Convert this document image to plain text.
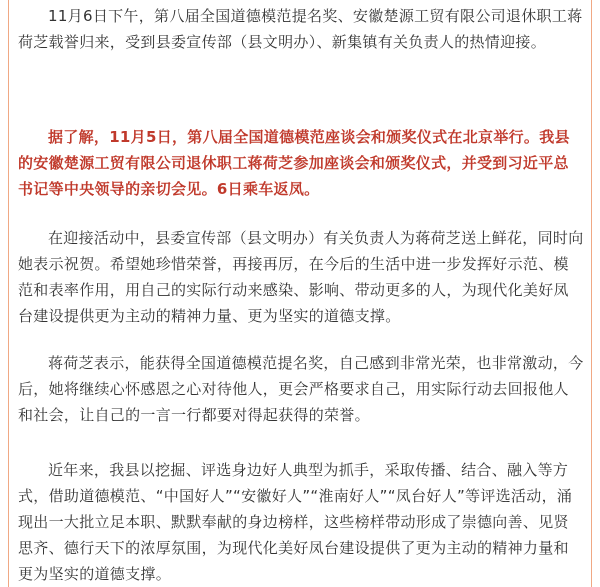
11月6日下午，第八届全国道德模范提名奖、安徽楚源工贸有限公司退休职工蒋荷芝载誉归来，受到县委宣传部（县文明办）、新集镇有关负责人的热情迎接。

据了解，11月5日，第八届全国道德模范座谈会和颁奖仪式在北京举行。我县的安徽楚源工贸有限公司退休职工蒋荷芝参加座谈会和颁奖仪式，并受到习近平总书记等中央领导的亲切会见。6日乘车返凤。

在迎接活动中，县委宣传部（县文明办）有关负责人为蒋荷芝送上鲜花，同时向她表示祝贺。希望她珍惜荣誉，再接再厉，在今后的生活中进一步发挥好示范、模范和表率作用，用自己的实际行动来感染、影响、带动更多的人，为现代化美好凤台建设提供更为主动的精神力量、更为坚实的道德支撑。

蒋荷芝表示，能获得全国道德模范提名奖，自己感到非常光荣，也非常激动，今后，她将继续心怀感恩之心对待他人，更会严格要求自己，用实际行动去回报他人和社会，让自己的一言一行都要对得起获得的荣誉。

近年来，我县以挖掘、评选身边好人典型为抓手，采取传播、结合、融入等方式，借助道德模范、“中国好人”“安徽好人”“淮南好人”“凤台好人”等评选活动，涌现出一大批立足本职、默默奉献的身边榜样，这些榜样带动形成了崇德向善、见贤思齐、德行天下的浓厚氛围，为现代化美好凤台建设提供了更为主动的精神力量和更为坚实的道德支撑。
